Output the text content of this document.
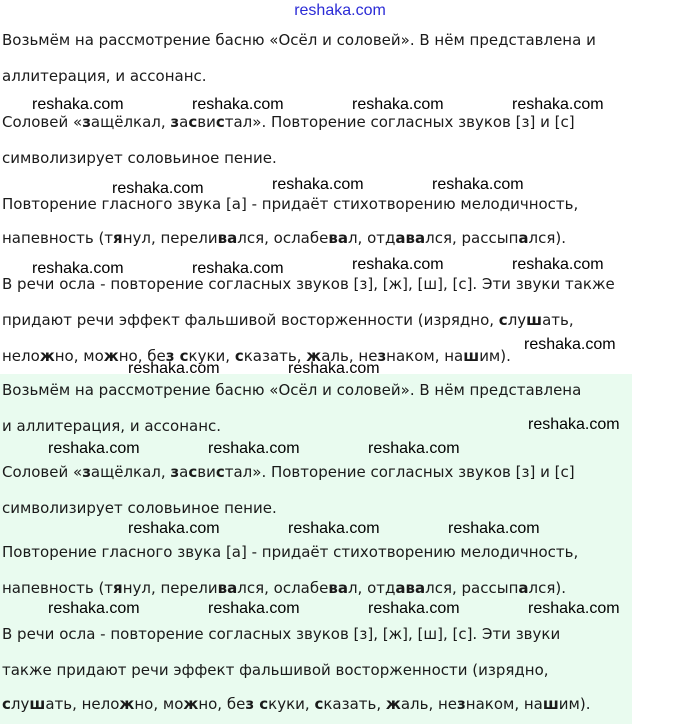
reshaka.com
Возьмём на рассмотрение басню «Осёл и соловей». В нём представлена и
аллитерация, и ассонанс.
Соловей «защёлкал, засвистал». Повторение согласных звуков [з] и [с]
символизирует соловьиное пение.
Повторение гласного звука [а] - придаёт стихотворению мелодичность,
напевность (тянул, переливался, ослабевал, отдавался, рассыпался).
В речи осла - повторение согласных звуков [з], [ж], [ш], [с]. Эти звуки также
придают речи эффект фальшивой восторженности (изрядно, слушать,
неложно, можно, без скуки, сказать, жаль, незнаком, нашим).
Возьмём на рассмотрение басню «Осёл и соловей». В нём представлена
и аллитерация, и ассонанс.
Соловей «защёлкал, засвистал». Повторение согласных звуков [з] и [с]
символизирует соловьиное пение.
Повторение гласного звука [а] - придаёт стихотворению мелодичность,
напевность (тянул, переливался, ослабевал, отдавался, рассыпался).
В речи осла - повторение согласных звуков [з], [ж], [ш], [с]. Эти звуки
также придают речи эффект фальшивой восторженности (изрядно,
слушать, неложно, можно, без скуки, сказать, жаль, незнаком, нашим).
reshaka.com	reshaka.com	reshaka.com	reshaka.com
reshaka.com	reshaka.com	reshaka.com
reshaka.com	reshaka.com	reshaka.com	reshaka.com
reshaka.com
reshaka.com	reshaka.com
reshaka.com
reshaka.com	reshaka.com	reshaka.com
reshaka.com	reshaka.com	reshaka.com
reshaka.com	reshaka.com	reshaka.com	reshaka.com
